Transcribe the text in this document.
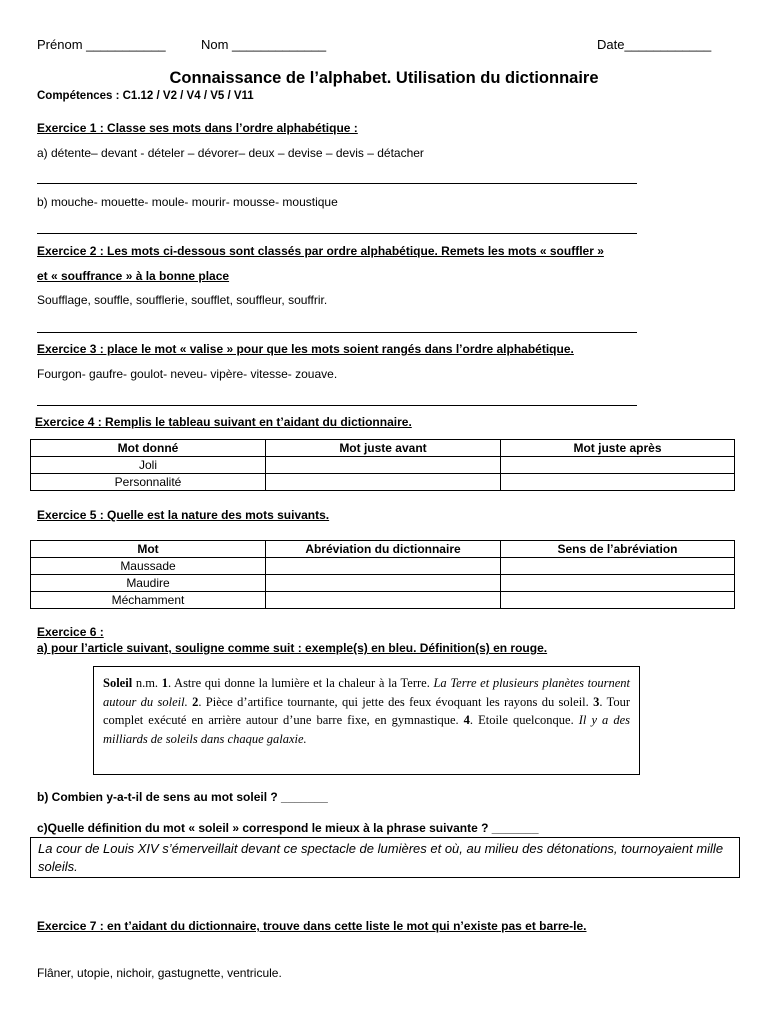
Prénom ___________	Nom _____________	Date____________
Connaissance de l’alphabet. Utilisation du dictionnaire
Compétences : C1.12 / V2 / V4 / V5 / V11
Exercice 1 : Classe ses mots dans l’ordre alphabétique :
a) détente– devant - dételer – dévorer– deux – devise – devis – détacher
b) mouche- mouette- moule- mourir- mousse- moustique
Exercice 2 : Les mots ci-dessous sont classés par ordre alphabétique. Remets les mots « souffler »
et « souffrance » à la bonne place
Soufflage, souffle, soufflerie, soufflet, souffleur, souffrir.
Exercice 3 : place le mot « valise » pour que les mots soient rangés dans l’ordre alphabétique.
Fourgon- gaufre- goulot- neveu- vipère- vitesse- zouave.
Exercice 4 : Remplis le tableau suivant en t’aidant du dictionnaire.
Mot donné	Mot juste avant	Mot juste après
Joli		
Personnalité		
Exercice 5 : Quelle est la nature des mots suivants.
Mot	Abréviation du dictionnaire	Sens de l’abréviation
Maussade		
Maudire		
Méchamment		
Exercice 6 :
a) pour l’article suivant, souligne comme suit : exemple(s) en bleu. Définition(s) en rouge.
Soleil n.m. 1. Astre qui donne la lumière et la chaleur à la Terre. La Terre et plusieurs planètes tournent autour du soleil. 2. Pièce d’artifice tournante, qui jette des feux évoquant les rayons du soleil. 3. Tour complet exécuté en arrière autour d’une barre fixe, en gymnastique. 4. Etoile quelconque. Il y a des milliards de soleils dans chaque galaxie.
b) Combien y-a-t-il de sens au mot soleil ? _______
c)Quelle définition du mot « soleil » correspond le mieux à la phrase suivante ? _______
La cour de Louis XIV s’émerveillait devant ce spectacle de lumières et où, au milieu des détonations, tournoyaient mille soleils.
Exercice 7 : en t’aidant du dictionnaire, trouve dans cette liste le mot qui n’existe pas et barre-le.
Flâner, utopie, nichoir, gastugnette, ventricule.
